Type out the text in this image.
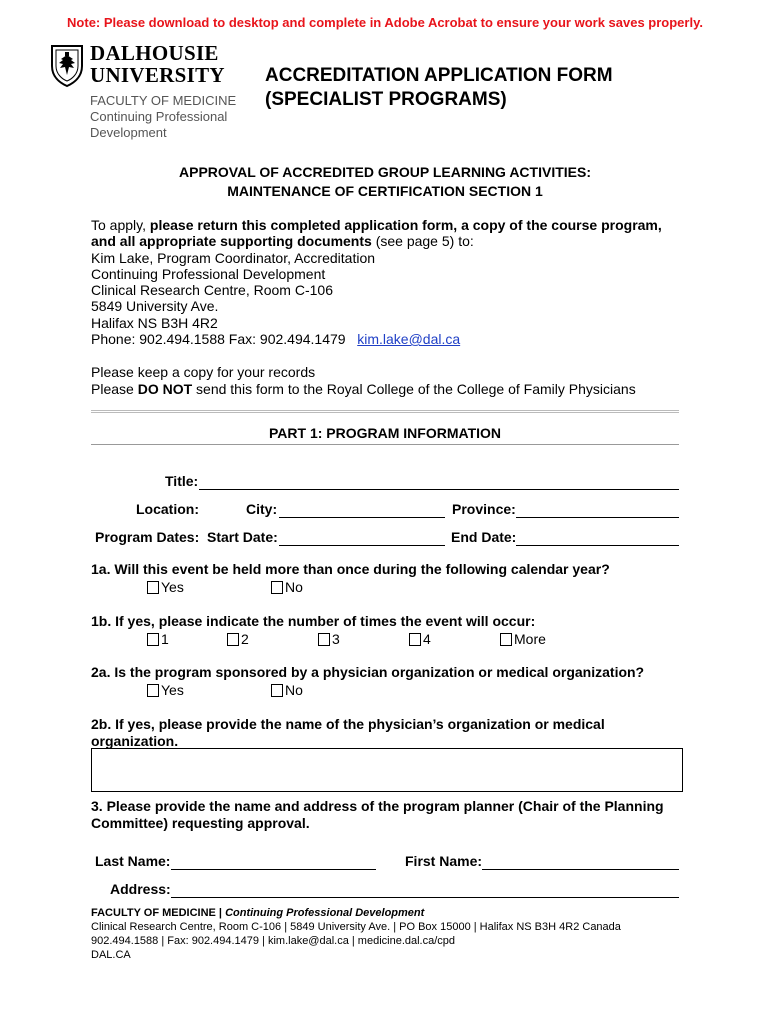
Note: Please download to desktop and complete in Adobe Acrobat to ensure your work saves properly.
DALHOUSIE
UNIVERSITY
FACULTY OF MEDICINE
Continuing Professional
Development
ACCREDITATION APPLICATION FORM
(SPECIALIST PROGRAMS)
APPROVAL OF ACCREDITED GROUP LEARNING ACTIVITIES:
MAINTENANCE OF CERTIFICATION SECTION 1
To apply, please return this completed application form, a copy of the course program,
and all appropriate supporting documents (see page 5) to:
Kim Lake, Program Coordinator, Accreditation
Continuing Professional Development
Clinical Research Centre, Room C-106
5849 University Ave.
Halifax NS B3H 4R2
Phone: 902.494.1588 Fax: 902.494.1479 kim.lake@dal.ca
Please keep a copy for your records
Please DO NOT send this form to the Royal College of the College of Family Physicians
PART 1: PROGRAM INFORMATION
Title:
Location:	City:	Province:
Program Dates: Start Date:	End Date:
1a. Will this event be held more than once during the following calendar year?
Yes	No
1b. If yes, please indicate the number of times the event will occur:
1	2	3	4	More
2a. Is the program sponsored by a physician organization or medical organization?
Yes	No
2b. If yes, please provide the name of the physician’s organization or medical
organization.
3. Please provide the name and address of the program planner (Chair of the Planning
Committee) requesting approval.
Last Name:	First Name:
Address:
FACULTY OF MEDICINE | Continuing Professional Development
Clinical Research Centre, Room C-106 | 5849 University Ave. | PO Box 15000 | Halifax NS B3H 4R2 Canada
902.494.1588 | Fax: 902.494.1479 | kim.lake@dal.ca | medicine.dal.ca/cpd
DAL.CA
